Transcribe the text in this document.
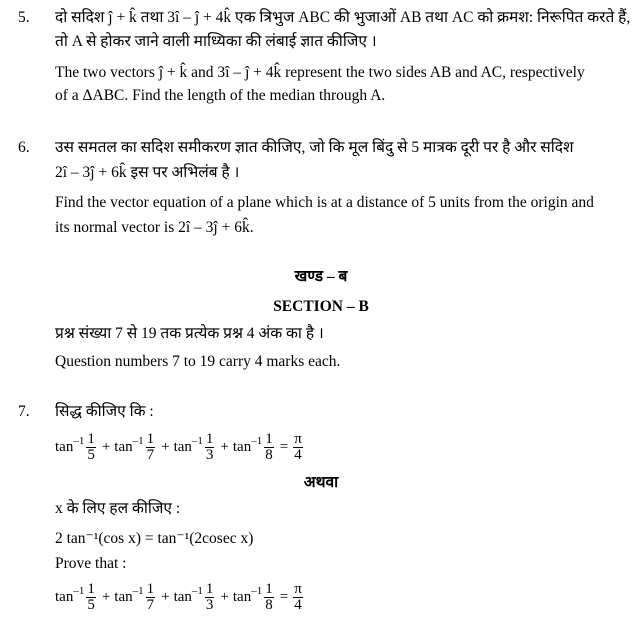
5. दो सदिश ĵ + k̂ तथा 3î – ĵ + 4k̂ एक त्रिभुज ABC की भुजाओं AB तथा AC को क्रमश: निरूपित करते हैं,
तो A से होकर जाने वाली माध्यिका की लंबाई ज्ञात कीजिए ।
The two vectors ĵ + k̂ and 3î – ĵ + 4k̂ represent the two sides AB and AC, respectively
of a ΔABC. Find the length of the median through A.
6. उस समतल का सदिश समीकरण ज्ञात कीजिए, जो कि मूल बिंदु से 5 मात्रक दूरी पर है और सदिश
2î – 3ĵ + 6k̂ इस पर अभिलंब है ।
Find the vector equation of a plane which is at a distance of 5 units from the origin and
its normal vector is 2î – 3ĵ + 6k̂.
खण्ड – ब
SECTION – B
प्रश्न संख्या 7 से 19 तक प्रत्येक प्रश्न 4 अंक का है ।
Question numbers 7 to 19 carry 4 marks each.
7. सिद्ध कीजिए कि :
$\tan -1 \frac{1}{5} + \tan -1 \frac{1}{7} + \tan -1 \frac{1}{3} + \tan -1 \frac{1}{8} = \frac{\pi}{4}$
अथवा
x के लिए हल कीजिए :
2 tan⁻¹(cos x) = tan⁻¹(2cosec x)
Prove that :
$\tan -1 \frac{1}{5} + \tan -1 \frac{1}{7} + \tan -1 \frac{1}{3} + \tan -1 \frac{1}{8} = \frac{\pi}{4}$
